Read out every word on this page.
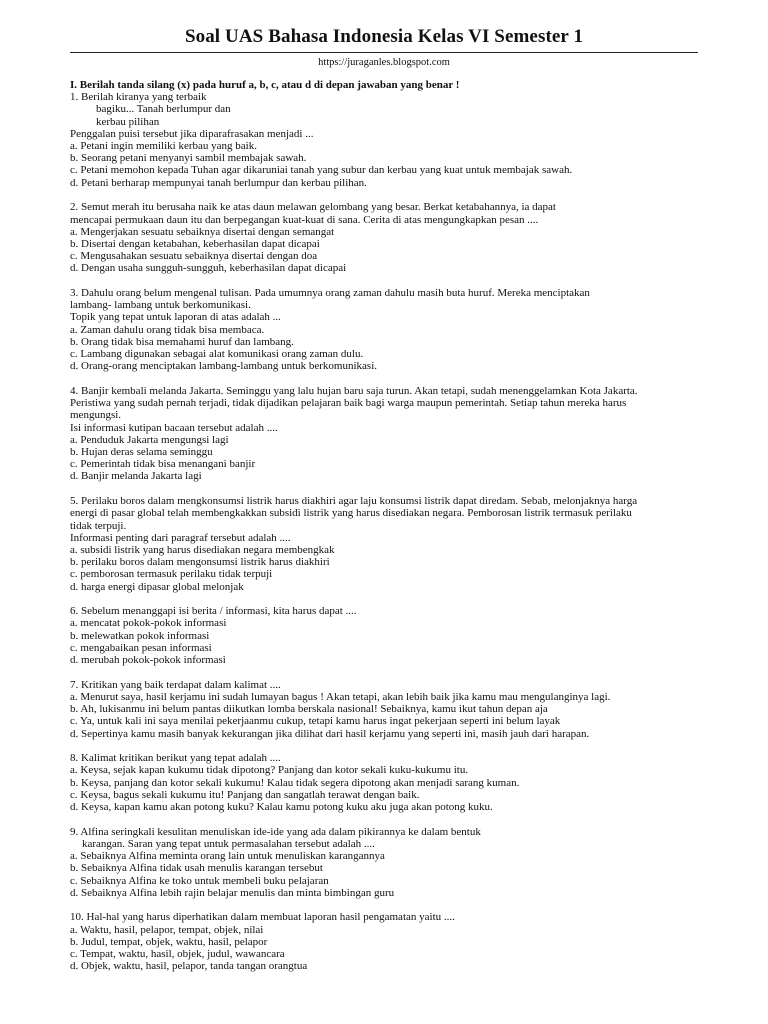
Soal UAS Bahasa Indonesia Kelas VI Semester 1
https://juraganles.blogspot.com
I. Berilah tanda silang (x) pada huruf a, b, c, atau d di depan jawaban yang benar !
1. Berilah kiranya yang terbaik
bagiku... Tanah berlumpur dan
kerbau pilihan
Penggalan puisi tersebut jika diparafrasakan menjadi ...
a. Petani ingin memiliki kerbau yang baik.
b. Seorang petani menyanyi sambil membajak sawah.
c. Petani memohon kepada Tuhan agar dikaruniai tanah yang subur dan kerbau yang kuat untuk membajak sawah.
d. Petani berharap mempunyai tanah berlumpur dan kerbau pilihan.
2. Semut merah itu berusaha naik ke atas daun melawan gelombang yang besar. Berkat ketabahannya, ia dapat
mencapai permukaan daun itu dan berpegangan kuat-kuat di sana. Cerita di atas mengungkapkan pesan ....
a. Mengerjakan sesuatu sebaiknya disertai dengan semangat
b. Disertai dengan ketabahan, keberhasilan dapat dicapai
c. Mengusahakan sesuatu sebaiknya disertai dengan doa
d. Dengan usaha sungguh-sungguh, keberhasilan dapat dicapai
3. Dahulu orang belum mengenal tulisan. Pada umumnya orang zaman dahulu masih buta huruf. Mereka menciptakan
lambang- lambang untuk berkomunikasi.
Topik yang tepat untuk laporan di atas adalah ...
a. Zaman dahulu orang tidak bisa membaca.
b. Orang tidak bisa memahami huruf dan lambang.
c. Lambang digunakan sebagai alat komunikasi orang zaman dulu.
d. Orang-orang menciptakan lambang-lambang untuk berkomunikasi.
4. Banjir kembali melanda Jakarta. Seminggu yang lalu hujan baru saja turun. Akan tetapi, sudah menenggelamkan Kota Jakarta.
Peristiwa yang sudah pernah terjadi, tidak dijadikan pelajaran baik bagi warga maupun pemerintah. Setiap tahun mereka harus
mengungsi.
Isi informasi kutipan bacaan tersebut adalah ....
a. Penduduk Jakarta mengungsi lagi
b. Hujan deras selama seminggu
c. Pemerintah tidak bisa menangani banjir
d. Banjir melanda Jakarta lagi
5. Perilaku boros dalam mengkonsumsi listrik harus diakhiri agar laju konsumsi listrik dapat diredam. Sebab, melonjaknya harga
energi di pasar global telah membengkakkan subsidi listrik yang harus disediakan negara. Pemborosan listrik termasuk perilaku
tidak terpuji.
Informasi penting dari paragraf tersebut adalah ....
a. subsidi listrik yang harus disediakan negara membengkak
b. perilaku boros dalam mengonsumsi listrik harus diakhiri
c. pemborosan termasuk perilaku tidak terpuji
d. harga energi dipasar global melonjak
6. Sebelum menanggapi isi berita / informasi, kita harus dapat ....
a. mencatat pokok-pokok informasi
b. melewatkan pokok informasi
c. mengabaikan pesan informasi
d. merubah pokok-pokok informasi
7. Kritikan yang baik terdapat dalam kalimat ....
a. Menurut saya, hasil kerjamu ini sudah lumayan bagus ! Akan tetapi, akan lebih baik jika kamu mau mengulanginya lagi.
b. Ah, lukisanmu ini belum pantas diikutkan lomba berskala nasional! Sebaiknya, kamu ikut tahun depan aja
c. Ya, untuk kali ini saya menilai pekerjaanmu cukup, tetapi kamu harus ingat pekerjaan seperti ini belum layak
d. Sepertinya kamu masih banyak kekurangan jika dilihat dari hasil kerjamu yang seperti ini, masih jauh dari harapan.
8. Kalimat kritikan berikut yang tepat adalah ....
a. Keysa, sejak kapan kukumu tidak dipotong? Panjang dan kotor sekali kuku-kukumu itu.
b. Keysa, panjang dan kotor sekali kukumu! Kalau tidak segera dipotong akan menjadi sarang kuman.
c. Keysa, bagus sekali kukumu itu! Panjang dan sangatlah terawat dengan baik.
d. Keysa, kapan kamu akan potong kuku? Kalau kamu potong kuku aku juga akan potong kuku.
9. Alfina seringkali kesulitan menuliskan ide-ide yang ada dalam pikirannya ke dalam bentuk
karangan. Saran yang tepat untuk permasalahan tersebut adalah ....
a. Sebaiknya Alfina meminta orang lain untuk menuliskan karangannya
b. Sebaiknya Alfina tidak usah menulis karangan tersebut
c. Sebaiknya Alfina ke toko untuk membeli buku pelajaran
d. Sebaiknya Alfina lebih rajin belajar menulis dan minta bimbingan guru
10. Hal-hal yang harus diperhatikan dalam membuat laporan hasil pengamatan yaitu ....
a. Waktu, hasil, pelapor, tempat, objek, nilai
b. Judul, tempat, objek, waktu, hasil, pelapor
c. Tempat, waktu, hasil, objek, judul, wawancara
d. Objek, waktu, hasil, pelapor, tanda tangan orangtua
